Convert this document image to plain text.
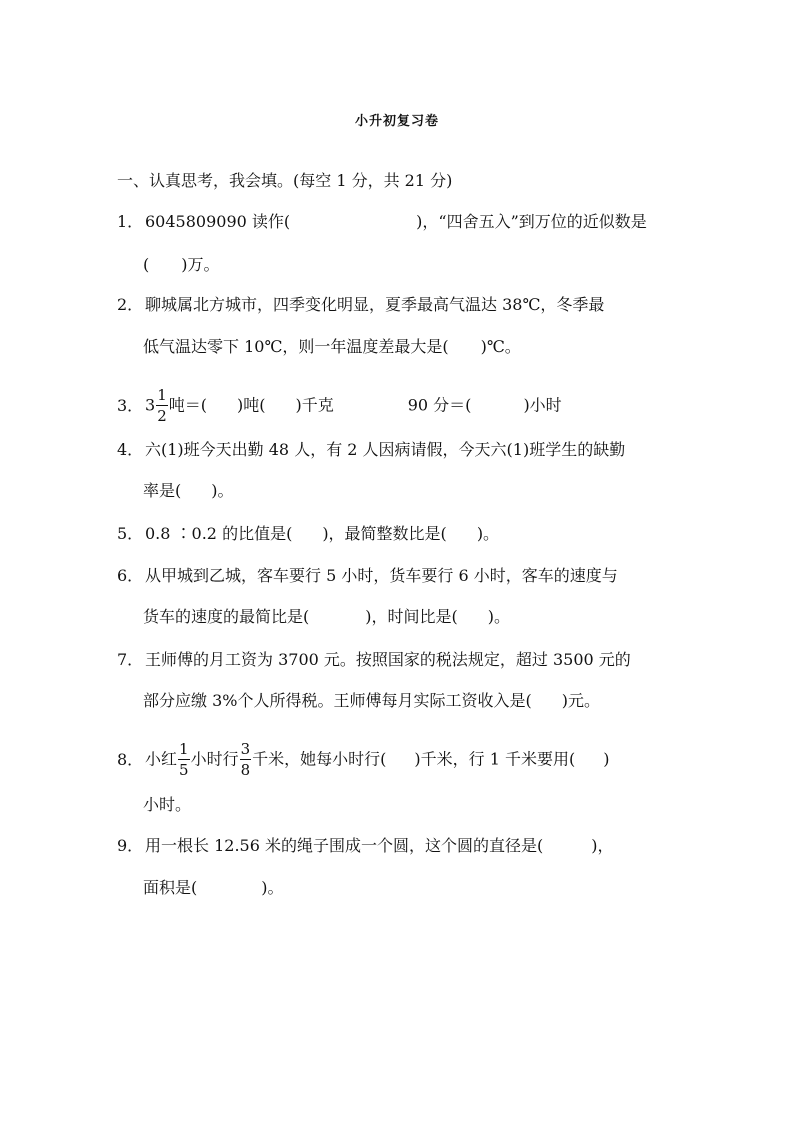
小升初复习卷
一、认真思考，我会填。(每空 1 分，共 21 分)
1． 6045809090 读作(	)，“四舍五入”到万位的近似数是
( )万。
2． 聊城属北方城市，四季变化明显，夏季最高气温达 38℃，冬季最
低气温达零下 10℃，则一年温度差最大是( )℃。
3． $3 \frac{1}{2}$ 吨＝( )吨( )千克	90 分＝(	)小时
4． 六(1)班今天出勤 48 人，有 2 人因病请假，今天六(1)班学生的缺勤
率是( )。
5． 0.8 ∶0.2 的比值是( )，最简整数比是( )。
6． 从甲城到乙城，客车要行 5 小时，货车要行 6 小时，客车的速度与
货车的速度的最简比是(	)，时间比是( )。
7． 王师傅的月工资为 3700 元。按照国家的税法规定，超过 3500 元的
部分应缴 3%个人所得税。王师傅每月实际工资收入是( )元。
8． 小红 $\frac{1}{5}$ 小时行 $\frac{3}{8}$ 千米，她每小时行( )千米，行 1 千米要用( )
小时。
9． 用一根长 12.56 米的绳子围成一个圆，这个圆的直径是(	)，
面积是(	)。
